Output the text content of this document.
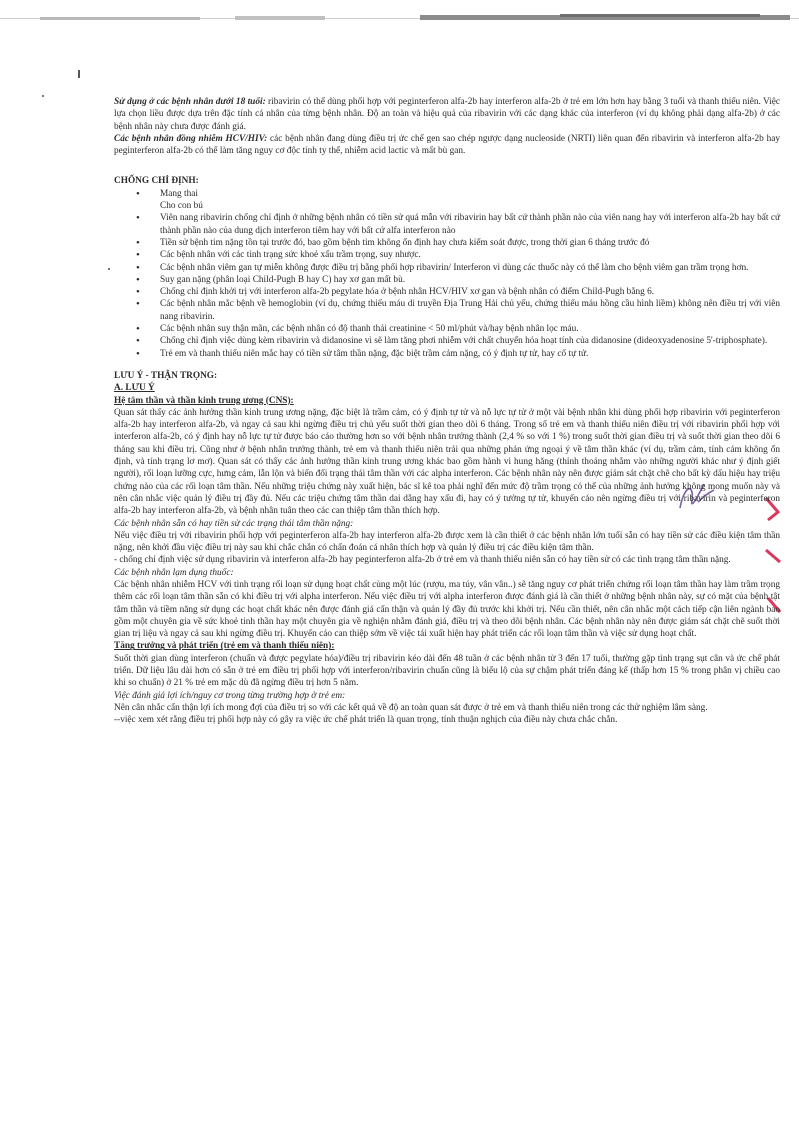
Sử dụng ở các bệnh nhân dưới 18 tuổi: ribavirin có thể dùng phối hợp với peginterferon alfa-2b hay interferon alfa-2b ở trẻ em lớn hơn hay bằng 3 tuổi và thanh thiếu niên. Việc lựa chọn liều được dựa trên đặc tính cá nhân của từng bệnh nhân. Độ an toàn và hiệu quả của ribavirin với các dạng khác của interferon (ví dụ không phải dạng alfa-2b) ở các bệnh nhân này chưa được đánh giá.

Các bệnh nhân đồng nhiễm HCV/HIV: các bệnh nhân đang dùng điều trị ức chế gen sao chép ngược dạng nucleoside (NRTI) liên quan đến ribavirin và interferon alfa-2b hay peginterferon alfa-2b có thể làm tăng nguy cơ độc tính ty thể, nhiễm acid lactic và mất bù gan.

CHỐNG CHỈ ĐỊNH:

• Mang thai
Cho con bú
• Viên nang ribavirin chống chỉ định ở những bệnh nhân có tiền sử quá mẫn với ribavirin hay bất cứ thành phần nào của viên nang hay với interferon alfa-2b hay bất cứ thành phần nào của dung dịch interferon tiêm hay với bất cứ alfa interferon nào
• Tiền sử bệnh tim nặng tồn tại trước đó, bao gồm bệnh tim không ổn định hay chưa kiểm soát được, trong thời gian 6 tháng trước đó
• Các bệnh nhân với các tình trạng sức khoẻ xấu trầm trọng, suy nhược.
• Các bệnh nhân viêm gan tự miễn không được điều trị bằng phối hợp ribavirin/ Interferon vì dùng các thuốc này có thể làm cho bệnh viêm gan trầm trọng hơn.
• Suy gan nặng (phân loại Child-Pugh B hay C) hay xơ gan mất bù.
• Chống chỉ định khởi trị với interferon alfa-2b pegylate hóa ở bệnh nhân HCV/HIV xơ gan và bệnh nhân có điểm Child-Pugh bằng 6.
• Các bệnh nhân mắc bệnh về hemoglobin (ví dụ, chứng thiếu máu di truyền Địa Trung Hải chủ yếu, chứng thiếu máu hồng cầu hình liềm) không nên điều trị với viên nang ribavirin.
• Các bệnh nhân suy thận mãn, các bệnh nhân có độ thanh thải creatinine < 50 ml/phút và/hay bệnh nhân lọc máu.
• Chống chỉ định việc dùng kèm ribavirin và didanosine vì sẽ làm tăng phơi nhiễm với chất chuyển hóa hoạt tính của didanosine (dideoxyadenosine 5'-triphosphate).
• Trẻ em và thanh thiếu niên mắc hay có tiền sử tâm thần nặng, đặc biệt trầm cảm nặng, có ý định tự tử, hay cố tự tử.

LƯU Ý - THẬN TRỌNG:

A. LƯU Ý

Hệ tâm thần và thần kinh trung ương (CNS):

Quan sát thấy các ảnh hưởng thần kinh trung ương nặng, đặc biệt là trầm cảm, có ý định tự tử và nỗ lực tự tử ở một vài bệnh nhân khi dùng phối hợp ribavirin với peginterferon alfa-2b hay interferon alfa-2b, và ngay cả sau khi ngừng điều trị chủ yếu suốt thời gian theo dõi 6 tháng. Trong số trẻ em và thanh thiếu niên điều trị với ribavirin phối hợp với interferon alfa-2b, có ý định hay nỗ lực tự tử được báo cáo thường hơn so với bệnh nhân trưởng thành (2,4 % so với 1 %) trong suốt thời gian điều trị và suốt thời gian theo dõi 6 tháng sau khi điều trị. Cũng như ở bệnh nhân trưởng thành, trẻ em và thanh thiếu niên trải qua những phản ứng ngoại ý về tâm thần khác (ví dụ, trầm cảm, tính cảm không ổn định, và tính trạng lơ mơ). Quan sát có thấy các ảnh hưởng thần kinh trung ương khác bao gồm hành vi hung hăng (thỉnh thoảng nhắm vào những người khác như ý định giết người), rối loạn lưỡng cực, hưng cảm, lẫn lộn và biến đổi trạng thái tâm thần với các alpha interferon. Các bệnh nhân này nên được giám sát chặt chẽ cho bất kỳ dấu hiệu hay triệu chứng nào của các rối loạn tâm thần. Nếu những triệu chứng này xuất hiện, bác sĩ kê toa phải nghĩ đến mức độ trầm trọng có thể của những ảnh hưởng không mong muốn này và nên cân nhắc việc quản lý điều trị đầy đủ. Nếu các triệu chứng tâm thần dai dẳng hay xấu đi, hay có ý tưởng tự tử, khuyến cáo nên ngừng điều trị với ribavirin và peginterferon alfa-2b hay interferon alfa-2b, và bệnh nhân tuân theo các can thiệp tâm thần thích hợp.

Các bệnh nhân sẵn có hay tiền sử các trạng thái tâm thần nặng:

Nếu việc điều trị với ribavirin phối hợp với peginterferon alfa-2b hay interferon alfa-2b được xem là cần thiết ở các bệnh nhân lớn tuổi sẵn có hay tiền sử các điều kiện tâm thần nặng, nên khởi đầu việc điều trị này sau khi chắc chắn có chẩn đoán cá nhân thích hợp và quản lý điều trị các điều kiện tâm thần.

- chống chỉ định việc sử dụng ribavirin và interferon alfa-2b hay peginterferon alfa-2b ở trẻ em và thanh thiếu niên sẵn có hay tiền sử có các tình trạng tâm thần nặng.

Các bệnh nhân lạm dụng thuốc:

Các bệnh nhân nhiễm HCV với tình trạng rối loạn sử dụng hoạt chất cùng một lúc (rượu, ma túy, vân vân..) sẽ tăng nguy cơ phát triển chứng rối loạn tâm thần hay làm trầm trọng thêm các rối loạn tâm thần sẵn có khi điều trị với alpha interferon. Nếu việc điều trị với alpha interferon được đánh giá là cần thiết ở những bệnh nhân này, sự có mặt của bệnh tật tâm thần và tiềm năng sử dụng các hoạt chất khác nên được đánh giá cẩn thận và quản lý đầy đủ trước khi khởi trị. Nếu cần thiết, nên cân nhắc một cách tiếp cận liên ngành bao gồm một chuyên gia về sức khoẻ tinh thần hay một chuyên gia về nghiện nhằm đánh giá, điều trị và theo dõi bệnh nhân. Các bệnh nhân này nên được giám sát chặt chẽ suốt thời gian trị liệu và ngay cả sau khi ngừng điều trị. Khuyến cáo can thiệp sớm về việc tái xuất hiện hay phát triển các rối loạn tâm thần và việc sử dụng hoạt chất.

Tăng trưởng và phát triển (trẻ em và thanh thiếu niên):

Suốt thời gian dùng interferon (chuẩn và được pegylate hóa)/điều trị ribavirin kéo dài đến 48 tuần ở các bệnh nhân từ 3 đến 17 tuổi, thường gặp tình trạng sụt cân và ức chế phát triển. Dữ liệu lâu dài hơn có sẵn ở trẻ em điều trị phối hợp với interferon/ribavirin chuẩn cũng là biểu lộ của sự chậm phát triển đáng kể (thấp hơn 15 % trong phân vị chiều cao khi so chuẩn) ở 21 % trẻ em mặc dù đã ngừng điều trị hơn 5 năm.

Việc đánh giá lợi ích/nguy cơ trong từng trường hợp ở trẻ em:

Nên cân nhắc cẩn thận lợi ích mong đợi của điều trị so với các kết quả về độ an toàn quan sát được ở trẻ em và thanh thiếu niên trong các thử nghiệm lâm sàng.

--việc xem xét rằng điều trị phối hợp này có gây ra việc ức chế phát triển là quan trọng, tính thuận nghịch của điều này chưa chắc chắn.
